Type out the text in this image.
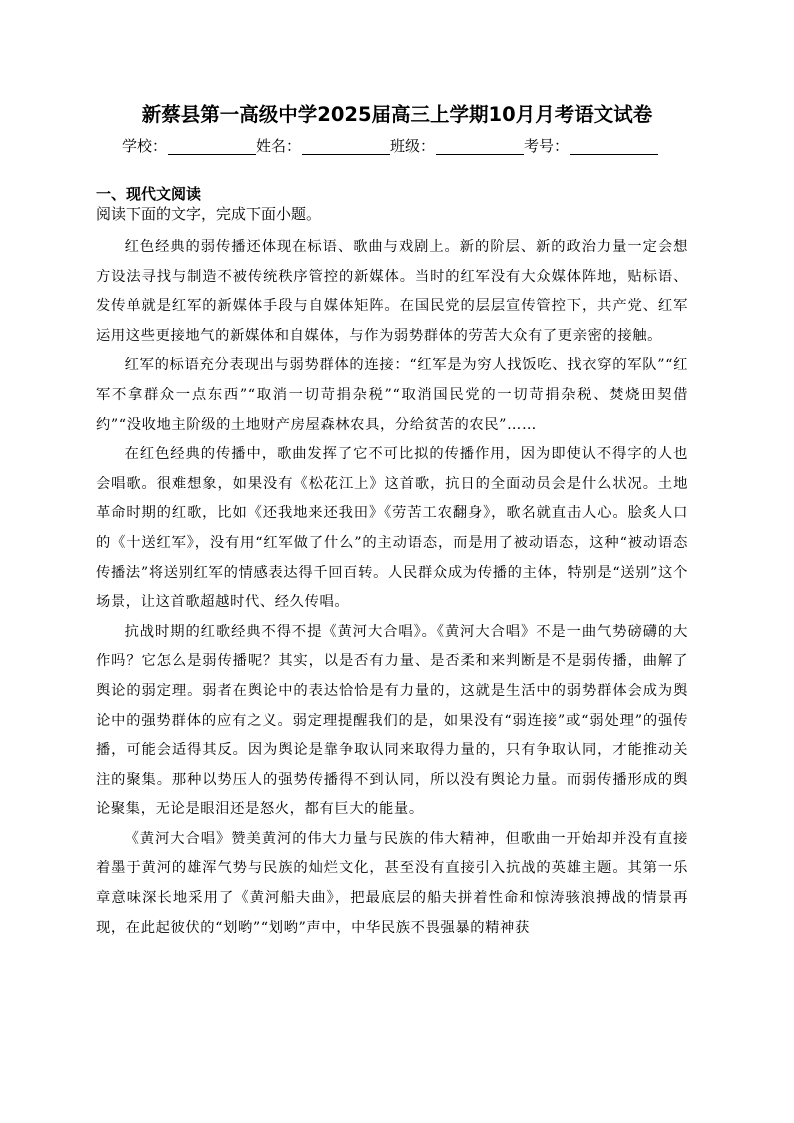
新蔡县第一高级中学2025届高三上学期10月月考语文试卷
学校：	姓名：	班级：	考号：
一、现代文阅读
阅读下面的文字，完成下面小题。

红色经典的弱传播还体现在标语、歌曲与戏剧上。新的阶层、新的政治力量一定会想方设法寻找与制造不被传统秩序管控的新媒体。当时的红军没有大众媒体阵地，贴标语、发传单就是红军的新媒体手段与自媒体矩阵。在国民党的层层宣传管控下，共产党、红军运用这些更接地气的新媒体和自媒体，与作为弱势群体的劳苦大众有了更亲密的接触。

红军的标语充分表现出与弱势群体的连接：“红军是为穷人找饭吃、找衣穿的军队”“红军不拿群众一点东西”“取消一切苛捐杂税”“取消国民党的一切苛捐杂税、焚烧田契借约”“没收地主阶级的土地财产房屋森林农具，分给贫苦的农民”……

在红色经典的传播中，歌曲发挥了它不可比拟的传播作用，因为即使认不得字的人也会唱歌。很难想象，如果没有《松花江上》这首歌，抗日的全面动员会是什么状况。土地革命时期的红歌，比如《还我地来还我田》《劳苦工农翻身》，歌名就直击人心。脍炙人口的《十送红军》，没有用“红军做了什么”的主动语态，而是用了被动语态，这种“被动语态传播法”将送别红军的情感表达得千回百转。人民群众成为传播的主体，特别是“送别”这个场景，让这首歌超越时代、经久传唱。

抗战时期的红歌经典不得不提《黄河大合唱》。《黄河大合唱》不是一曲气势磅礴的大作吗？它怎么是弱传播呢？其实，以是否有力量、是否柔和来判断是不是弱传播，曲解了舆论的弱定理。弱者在舆论中的表达恰恰是有力量的，这就是生活中的弱势群体会成为舆论中的强势群体的应有之义。弱定理提醒我们的是，如果没有“弱连接”或“弱处理”的强传播，可能会适得其反。因为舆论是靠争取认同来取得力量的，只有争取认同，才能推动关注的聚集。那种以势压人的强势传播得不到认同，所以没有舆论力量。而弱传播形成的舆论聚集，无论是眼泪还是怒火，都有巨大的能量。

《黄河大合唱》赞美黄河的伟大力量与民族的伟大精神，但歌曲一开始却并没有直接着墨于黄河的雄浑气势与民族的灿烂文化，甚至没有直接引入抗战的英雄主题。其第一乐章意味深长地采用了《黄河船夫曲》，把最底层的船夫拼着性命和惊涛骇浪搏战的情景再现，在此起彼伏的“划哟”“划哟”声中，中华民族不畏强暴的精神获
